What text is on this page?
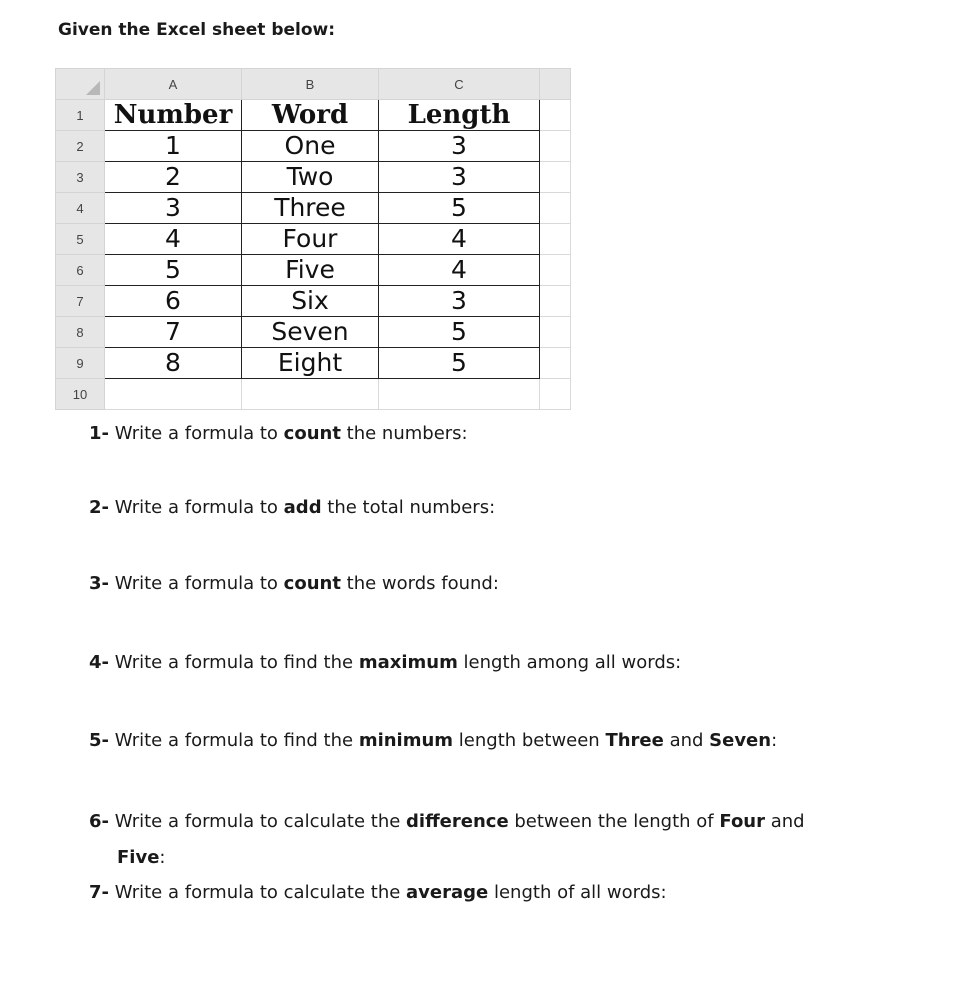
Given the Excel sheet below:
	A	B	C	
1	Number	Word	Length	
2	1	One	3	
3	2	Two	3	
4	3	Three	5	
5	4	Four	4	
6	5	Five	4	
7	6	Six	3	
8	7	Seven	5	
9	8	Eight	5	
10				
1- Write a formula to count the numbers:
2- Write a formula to add the total numbers:
3- Write a formula to count the words found:
4- Write a formula to find the maximum length among all words:
5- Write a formula to find the minimum length between Three and Seven:
6- Write a formula to calculate the difference between the length of Four and
Five:
7- Write a formula to calculate the average length of all words:
